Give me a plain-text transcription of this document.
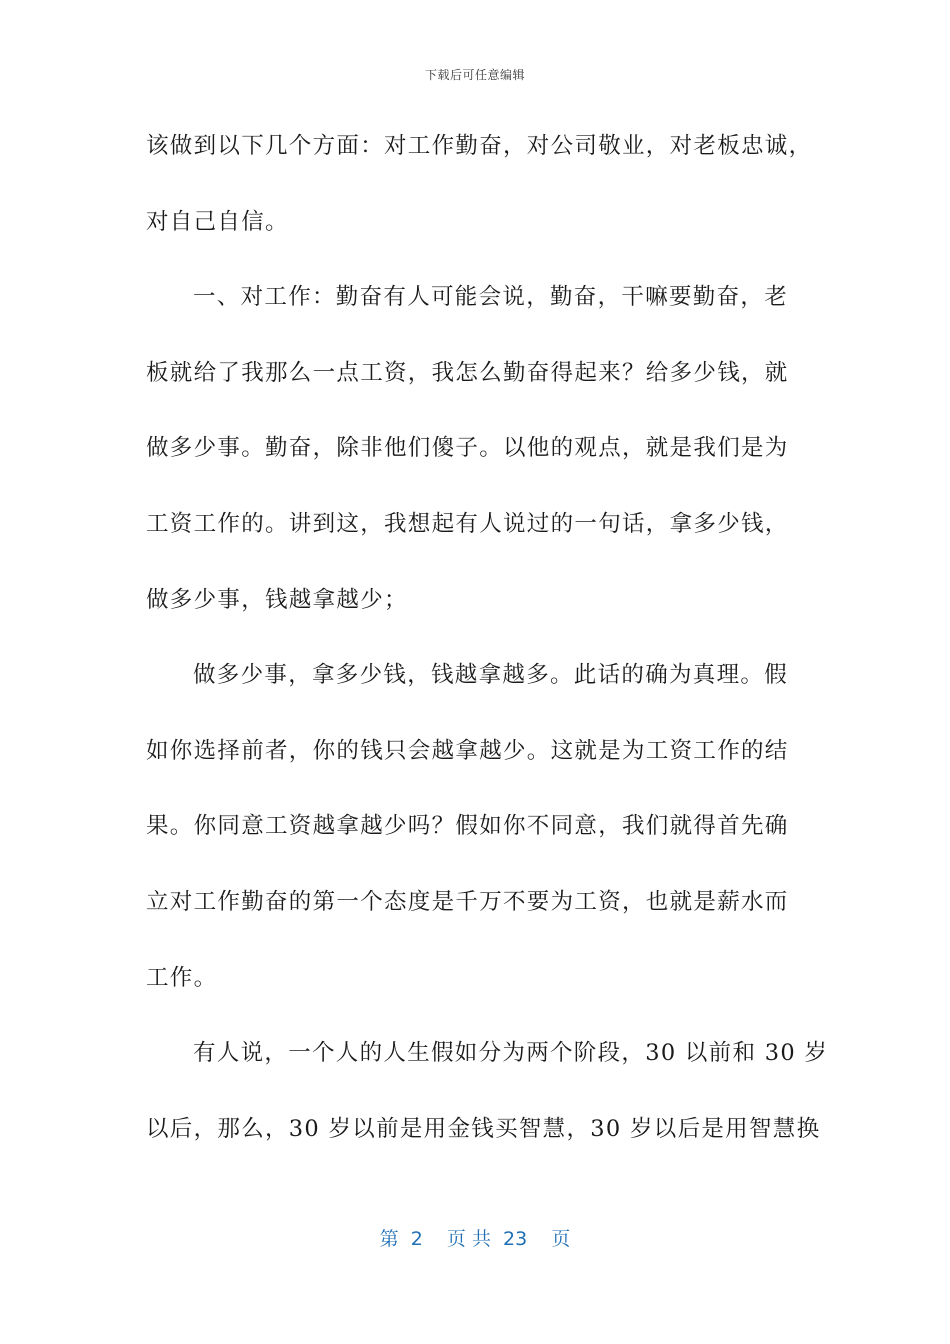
下载后可任意编辑
该做到以下几个方面：对工作勤奋，对公司敬业，对老板忠诚，
对自己自信。
一、对工作：勤奋有人可能会说，勤奋，干嘛要勤奋，老
板就给了我那么一点工资，我怎么勤奋得起来？给多少钱，就
做多少事。勤奋，除非他们傻子。以他的观点，就是我们是为
工资工作的。讲到这，我想起有人说过的一句话，拿多少钱，
做多少事，钱越拿越少；
做多少事，拿多少钱，钱越拿越多。此话的确为真理。假
如你选择前者，你的钱只会越拿越少。这就是为工资工作的结
果。你同意工资越拿越少吗？假如你不同意，我们就得首先确
立对工作勤奋的第一个态度是千万不要为工资，也就是薪水而
工作。
有人说，一个人的人生假如分为两个阶段，30 以前和 30 岁
以后，那么，30 岁以前是用金钱买智慧，30 岁以后是用智慧换
第  2    页 共  23    页
